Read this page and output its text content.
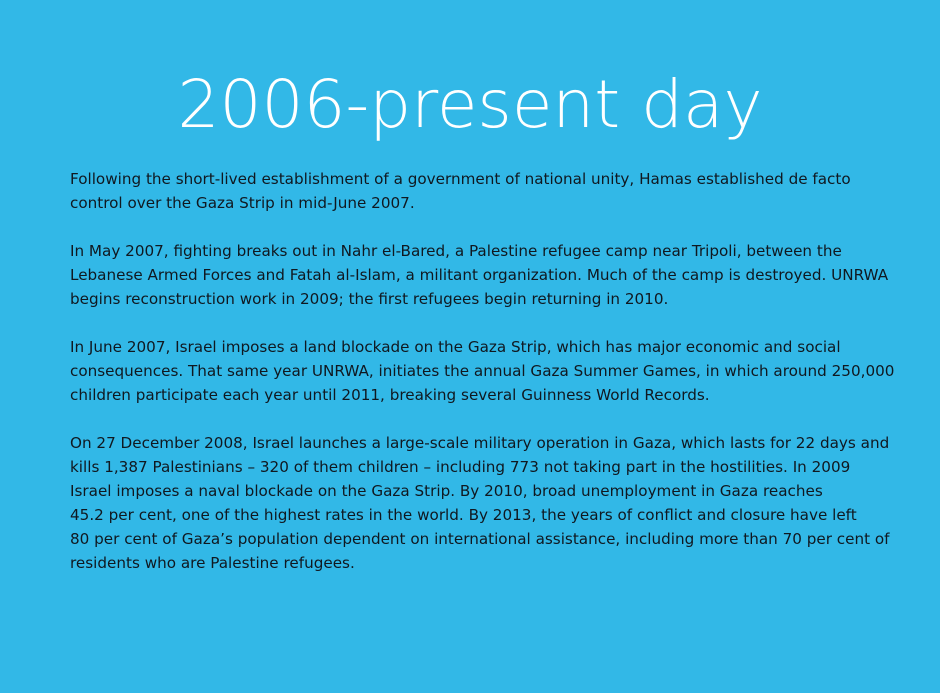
2006-present day

Following the short-lived establishment of a government of national unity, Hamas established de facto
control over the Gaza Strip in mid-June 2007.

In May 2007, fighting breaks out in Nahr el-Bared, a Palestine refugee camp near Tripoli, between the
Lebanese Armed Forces and Fatah al-Islam, a militant organization. Much of the camp is destroyed. UNRWA
begins reconstruction work in 2009; the first refugees begin returning in 2010.

In June 2007, Israel imposes a land blockade on the Gaza Strip, which has major economic and social
consequences. That same year UNRWA, initiates the annual Gaza Summer Games, in which around 250,000
children participate each year until 2011, breaking several Guinness World Records.

On 27 December 2008, Israel launches a large-scale military operation in Gaza, which lasts for 22 days and
kills 1,387 Palestinians – 320 of them children – including 773 not taking part in the hostilities. In 2009
Israel imposes a naval blockade on the Gaza Strip. By 2010, broad unemployment in Gaza reaches
45.2 per cent, one of the highest rates in the world. By 2013, the years of conflict and closure have left
80 per cent of Gaza’s population dependent on international assistance, including more than 70 per cent of
residents who are Palestine refugees.
